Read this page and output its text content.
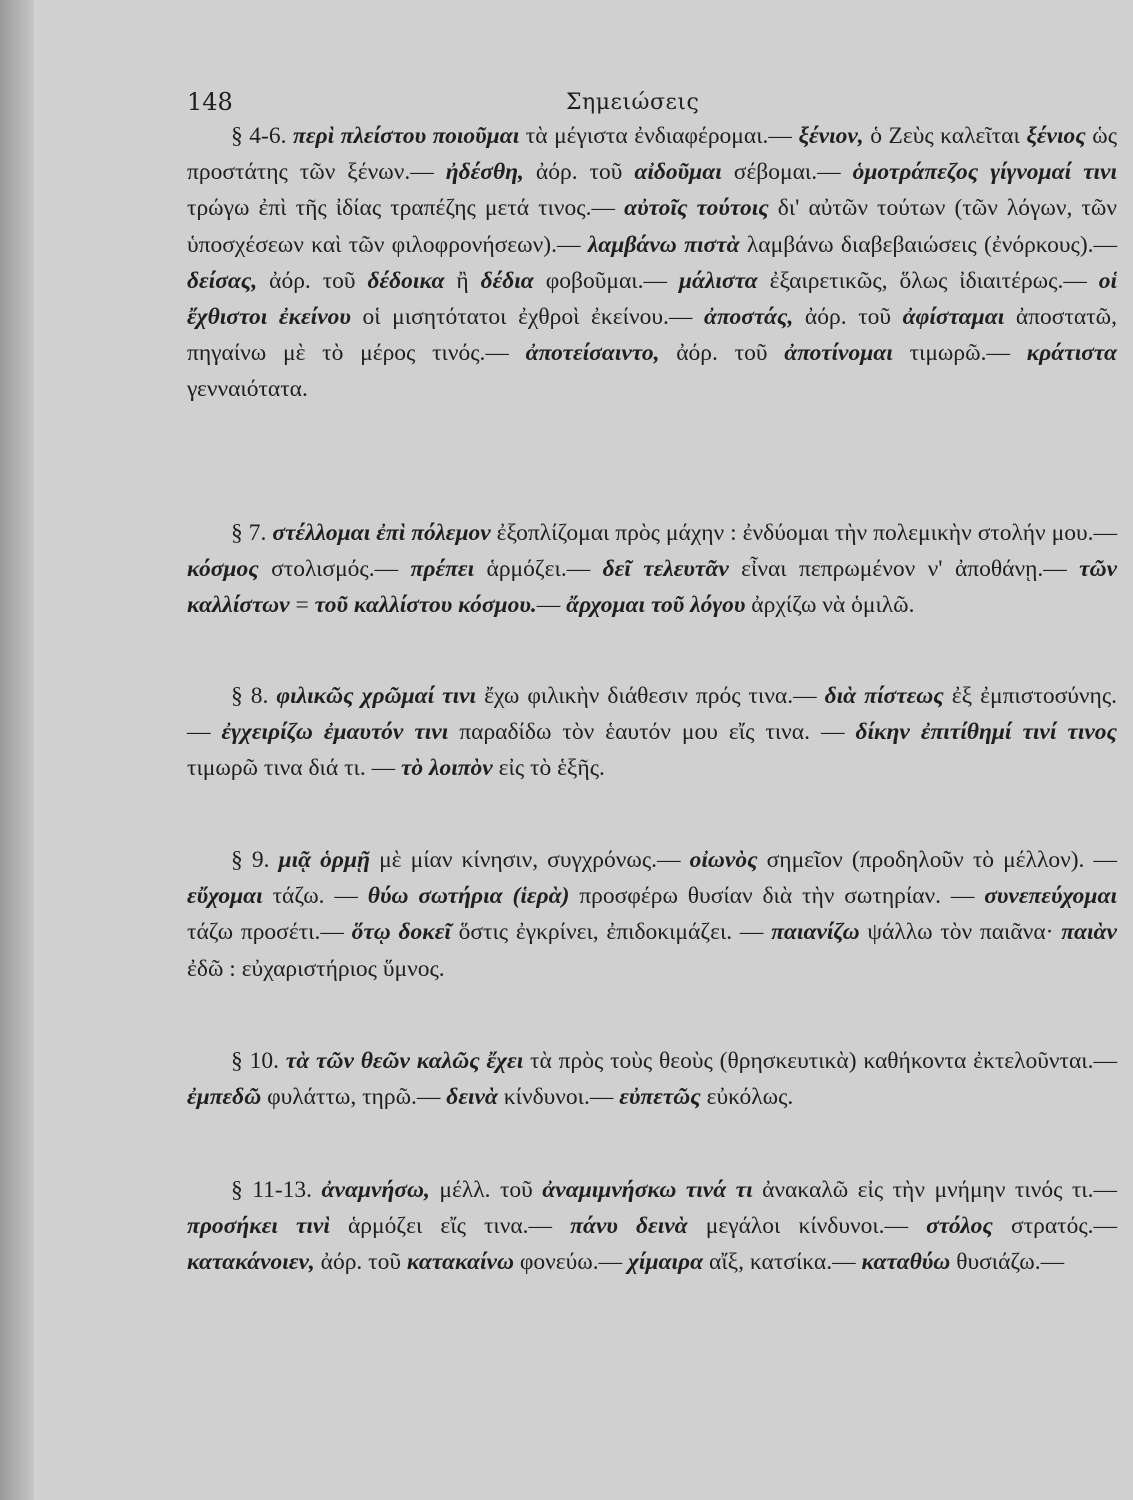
148	Σημειώσεις

§ 4-6. περὶ πλείστου ποιοῦμαι τὰ μέγιστα ἐνδιαφέρομαι.— ξένιον, ὁ Ζεὺς καλεῖται ξένιος ὡς προστάτης τῶν ξένων.— ἠδέσθη, ἀόρ. τοῦ αἰδοῦμαι σέβομαι.— ὁμοτράπεζος γίγνομαί τινι τρώγω ἐπὶ τῆς ἰδίας τραπέζης μετά τινος.— αὐτοῖς τούτοις δι' αὐτῶν τούτων (τῶν λόγων, τῶν ὑποσχέσεων καὶ τῶν φιλοφρονήσεων).— λαμβάνω πιστὰ λαμβάνω διαβεβαιώσεις (ἐνόρκους).— δείσας, ἀόρ. τοῦ δέδοικα ἢ δέδια φοβοῦμαι.— μάλιστα ἐξαιρετικῶς, ὅλως ἰδιαιτέρως.— οἱ ἔχθιστοι ἐκείνου οἱ μισητότατοι ἐχθροὶ ἐκείνου.— ἀποστάς, ἀόρ. τοῦ ἀφίσταμαι ἀποστατῶ, πηγαίνω μὲ τὸ μέρος τινός.— ἀποτείσαιντο, ἀόρ. τοῦ ἀποτίνομαι τιμωρῶ.— κράτιστα γενναιότατα.

§ 7. στέλλομαι ἐπὶ πόλεμον ἐξοπλίζομαι πρὸς μάχην : ἐνδύομαι τὴν πολεμικὴν στολήν μου.— κόσμος στολισμός.— πρέπει ἁρμόζει.— δεῖ τελευτᾶν εἶναι πεπρωμένον ν' ἀποθάνῃ.— τῶν καλλίστων = τοῦ καλλίστου κόσμου.— ἄρχομαι τοῦ λόγου ἀρχίζω νὰ ὁμιλῶ.

§ 8. φιλικῶς χρῶμαί τινι ἔχω φιλικὴν διάθεσιν πρός τινα.— διὰ πίστεως ἐξ ἐμπιστοσύνης. — ἐγχειρίζω ἐμαυτόν τινι παραδίδω τὸν ἑαυτόν μου εἴς τινα. — δίκην ἐπιτίθημί τινί τινος τιμωρῶ τινα διά τι. — τὸ λοιπὸν εἰς τὸ ἑξῆς.

§ 9. μιᾷ ὁρμῇ μὲ μίαν κίνησιν, συγχρόνως.— οἰωνὸς σημεῖον (προδηλοῦν τὸ μέλλον). — εὔχομαι τάζω. — θύω σωτήρια (ἱερὰ) προσφέρω θυσίαν διὰ τὴν σωτηρίαν. — συνεπεύχομαι τάζω προσέτι.— ὅτῳ δοκεῖ ὅστις ἐγκρίνει, ἐπιδοκιμάζει. — παιανίζω ψάλλω τὸν παιᾶνα· παιὰν ἐδῶ : εὐχαριστήριος ὕμνος.

§ 10. τὰ τῶν θεῶν καλῶς ἔχει τὰ πρὸς τοὺς θεοὺς (θρησκευτικὰ) καθήκοντα ἐκτελοῦνται.— ἐμπεδῶ φυλάττω, τηρῶ.— δεινὰ κίνδυνοι.— εὐπετῶς εὐκόλως.

§ 11-13. ἀναμνήσω, μέλλ. τοῦ ἀναμιμνήσκω τινά τι ἀνακαλῶ εἰς τὴν μνήμην τινός τι.— προσήκει τινὶ ἁρμόζει εἴς τινα.— πάνυ δεινὰ μεγάλοι κίνδυνοι.— στόλος στρατός.— κατακάνοιεν, ἀόρ. τοῦ κατακαίνω φονεύω.— χίμαιρα αἴξ, κατσίκα.— καταθύω θυσιάζω.—
